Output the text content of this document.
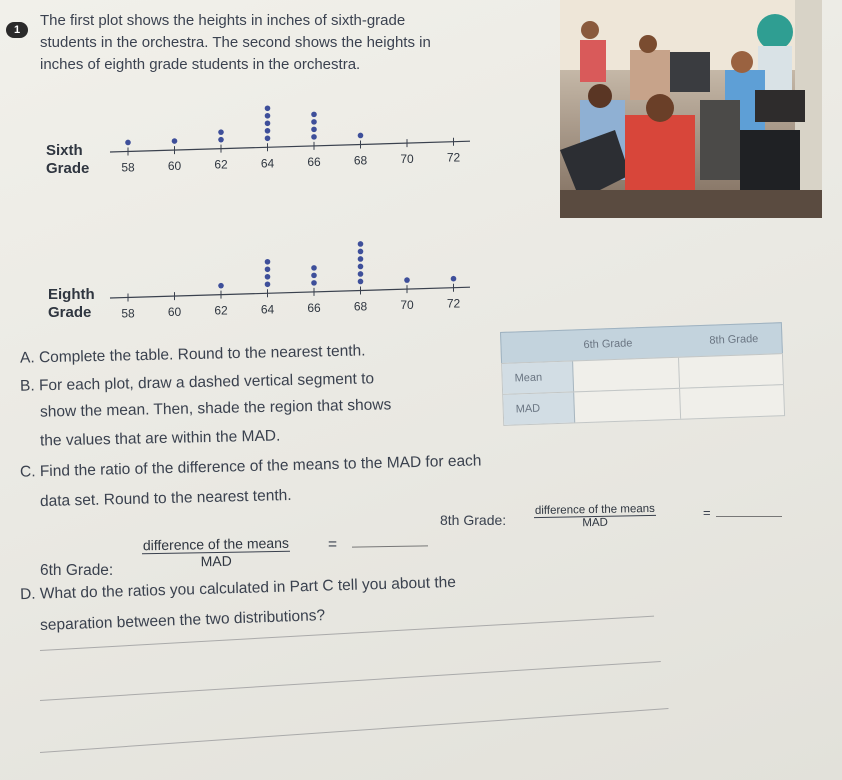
1
The first plot shows the heights in inches of sixth-grade
students in the orchestra. The second shows the heights in
inches of eighth grade students in the orchestra.
Sixth
Grade	58	60	62	64	66	68	70	72
Eighth
Grade 58	60	62	64	66	68	70	72
A. Complete the table. Round to the nearest tenth.	6th Grade	8th Grade
Mean
MAD
B. For each plot, draw a dashed vertical segment to
show the mean. Then, shade the region that shows
the values that are within the MAD.
C. Find the ratio of the difference of the means to the MAD for each
data set. Round to the nearest tenth.
8th Grade:
difference of the means
MAD
=
6th Grade:
difference of the means
MAD
=
D. What do the ratios you calculated in Part C tell you about the
separation between the two distributions?
